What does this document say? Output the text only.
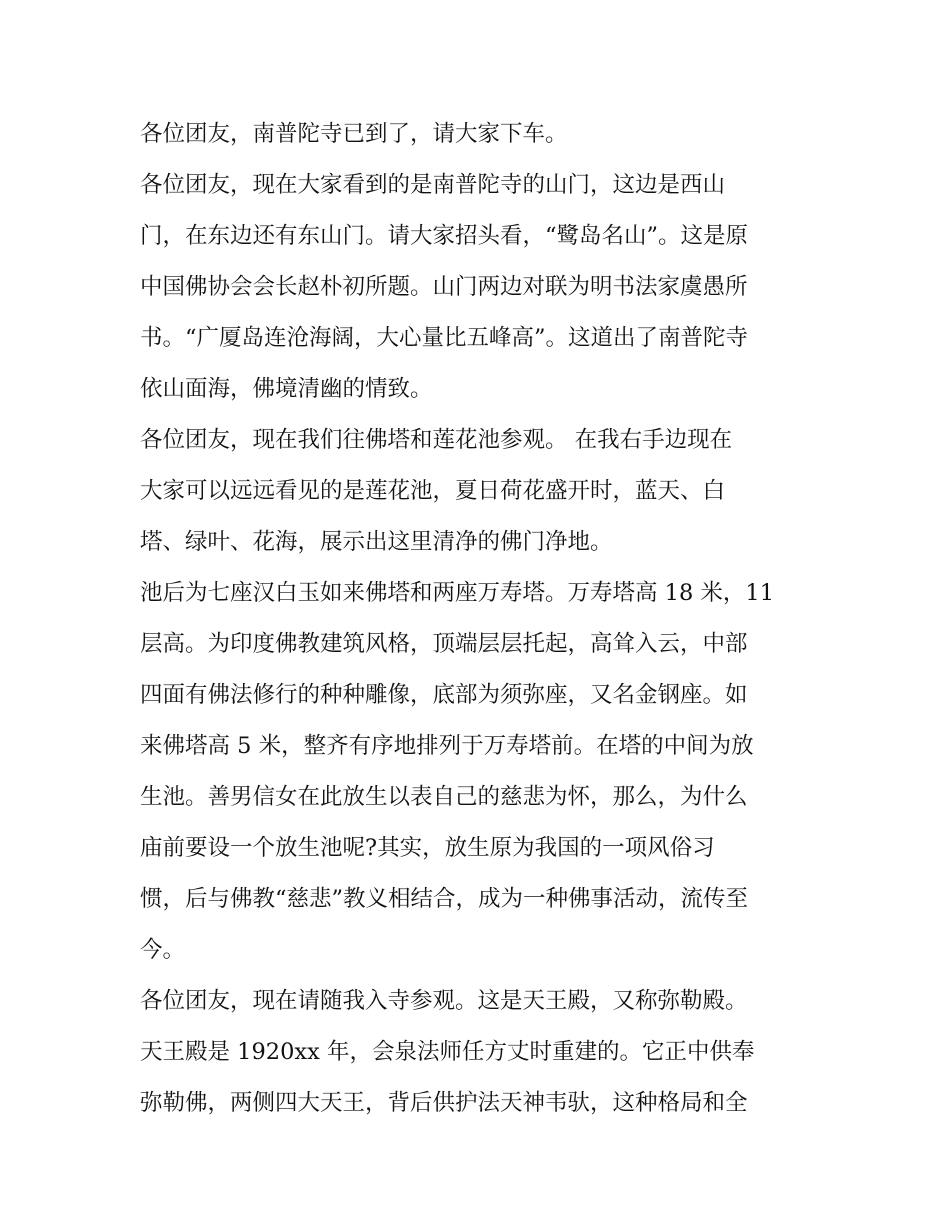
各位团友，南普陀寺已到了，请大家下车。

各位团友，现在大家看到的是南普陀寺的山门，这边是西山
门，在东边还有东山门。请大家招头看，“鹭岛名山”。这是原
中国佛协会会长赵朴初所题。山门两边对联为明书法家虞愚所
书。“广厦岛连沧海阔，大心量比五峰高”。这道出了南普陀寺
依山面海，佛境清幽的情致。

各位团友，现在我们往佛塔和莲花池参观。 在我右手边现在
大家可以远远看见的是莲花池，夏日荷花盛开时，蓝天、白
塔、绿叶、花海，展示出这里清净的佛门净地。

池后为七座汉白玉如来佛塔和两座万寿塔。万寿塔高 18 米，11
层高。为印度佛教建筑风格，顶端层层托起，高耸入云，中部
四面有佛法修行的种种雕像，底部为须弥座，又名金钢座。如
来佛塔高 5 米，整齐有序地排列于万寿塔前。在塔的中间为放
生池。善男信女在此放生以表自己的慈悲为怀，那么，为什么
庙前要设一个放生池呢?其实，放生原为我国的一项风俗习
惯，后与佛教“慈悲”教义相结合，成为一种佛事活动，流传至
今。

各位团友，现在请随我入寺参观。这是天王殿，又称弥勒殿。
天王殿是 1920xx 年，会泉法师任方丈时重建的。它正中供奉
弥勒佛，两侧四大天王，背后供护法天神韦驮，这种格局和全
